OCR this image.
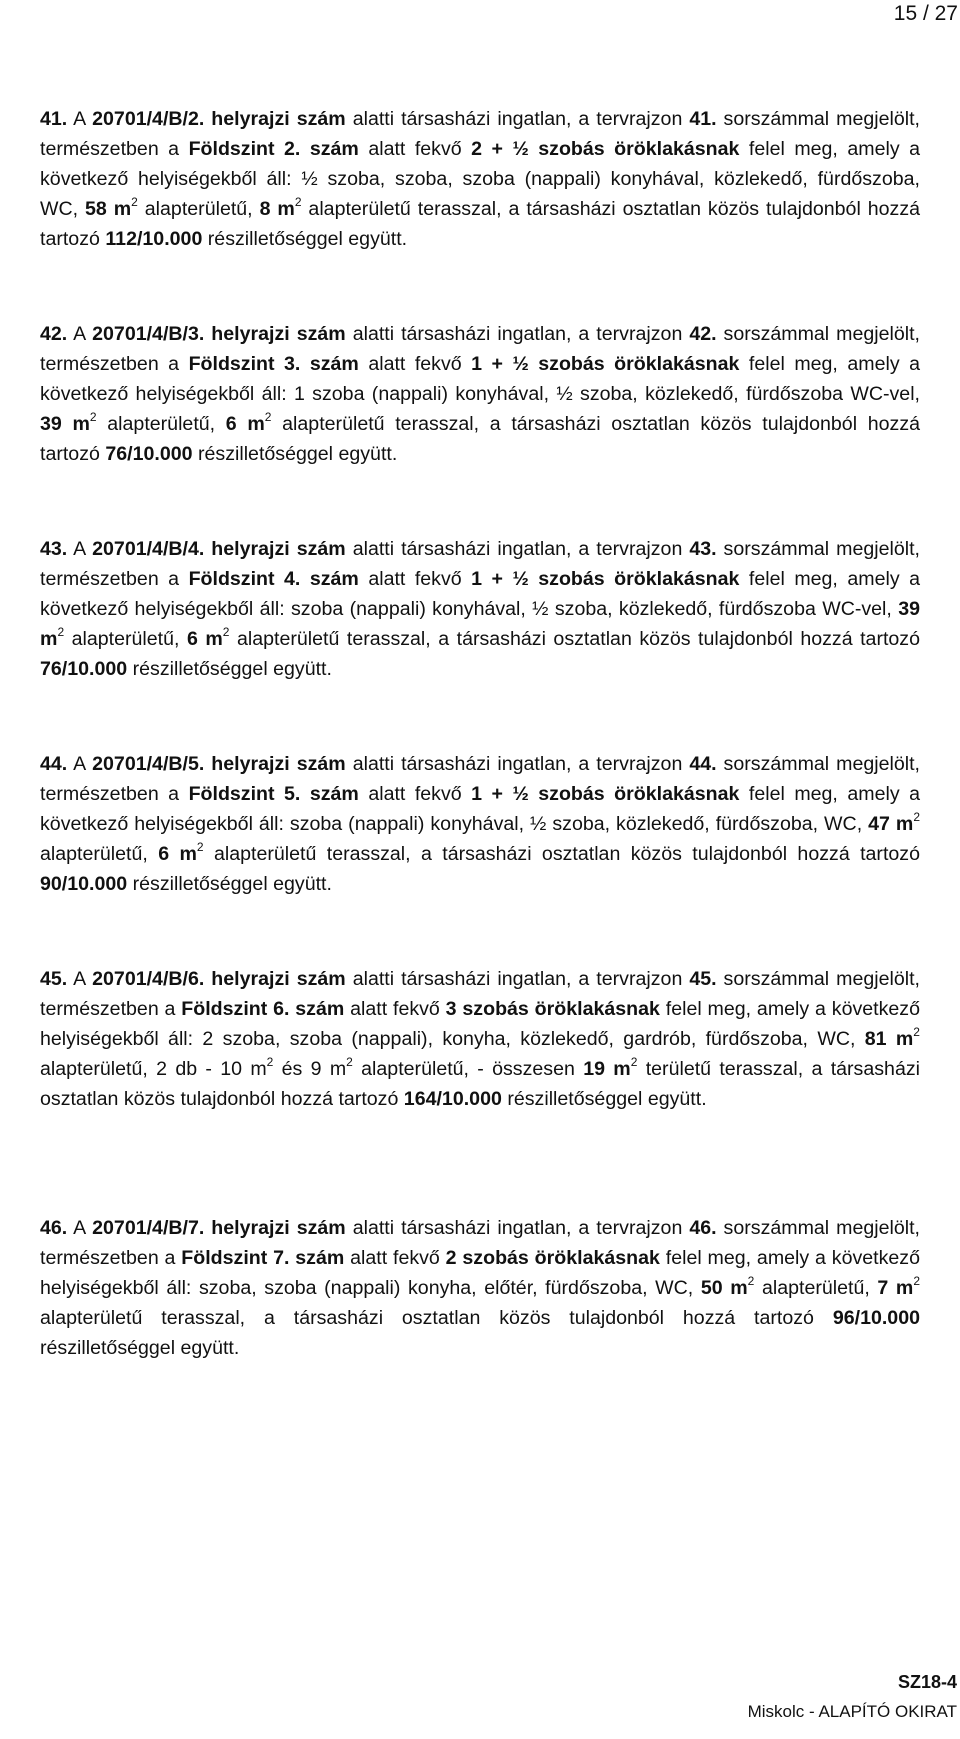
15 / 27
41. A 20701/4/B/2. helyrajzi szám alatti társasházi ingatlan, a tervrajzon 41. sorszámmal megjelölt, természetben a Földszint 2. szám alatt fekvő 2 + ½ szobás öröklakásnak felel meg, amely a következő helyiségekből áll: ½ szoba, szoba, szoba (nappali) konyhával, közlekedő, fürdőszoba, WC, 58 $m^2$ alapterületű, 8 $m^2$ alapterületű terasszal, a társasházi osztatlan közös tulajdonból hozzá tartozó 112/10.000 részilletőséggel együtt.
42. A 20701/4/B/3. helyrajzi szám alatti társasházi ingatlan, a tervrajzon 42. sorszámmal megjelölt, természetben a Földszint 3. szám alatt fekvő 1 + ½ szobás öröklakásnak felel meg, amely a következő helyiségekből áll: 1 szoba (nappali) konyhával, ½ szoba, közlekedő, fürdőszoba WC-vel, 39 $m^2$ alapterületű, 6 $m^2$ alapterületű terasszal, a társasházi osztatlan közös tulajdonból hozzá tartozó 76/10.000 részilletőséggel együtt.
43. A 20701/4/B/4. helyrajzi szám alatti társasházi ingatlan, a tervrajzon 43. sorszámmal megjelölt, természetben a Földszint 4. szám alatt fekvő 1 + ½ szobás öröklakásnak felel meg, amely a következő helyiségekből áll: szoba (nappali) konyhával, ½ szoba, közlekedő, fürdőszoba WC-vel, 39 $m^2$ alapterületű, 6 $m^2$ alapterületű terasszal, a társasházi osztatlan közös tulajdonból hozzá tartozó 76/10.000 részilletőséggel együtt.
44. A 20701/4/B/5. helyrajzi szám alatti társasházi ingatlan, a tervrajzon 44. sorszámmal megjelölt, természetben a Földszint 5. szám alatt fekvő 1 + ½ szobás öröklakásnak felel meg, amely a következő helyiségekből áll: szoba (nappali) konyhával, ½ szoba, közlekedő, fürdőszoba, WC, 47 $m^2$ alapterületű, 6 $m^2$ alapterületű terasszal, a társasházi osztatlan közös tulajdonból hozzá tartozó 90/10.000 részilletőséggel együtt.
45. A 20701/4/B/6. helyrajzi szám alatti társasházi ingatlan, a tervrajzon 45. sorszámmal megjelölt, természetben a Földszint 6. szám alatt fekvő 3 szobás öröklakásnak felel meg, amely a következő helyiségekből áll: 2 szoba, szoba (nappali), konyha, közlekedő, gardrób, fürdőszoba, WC, 81 $m^2$ alapterületű, 2 db - 10 $m^2$ és 9 $m^2$ alapterületű, - összesen 19 $m^2$ területű terasszal, a társasházi osztatlan közös tulajdonból hozzá tartozó 164/10.000 részilletőséggel együtt.
46. A 20701/4/B/7. helyrajzi szám alatti társasházi ingatlan, a tervrajzon 46. sorszámmal megjelölt, természetben a Földszint 7. szám alatt fekvő 2 szobás öröklakásnak felel meg, amely a következő helyiségekből áll: szoba, szoba (nappali) konyha, előtér, fürdőszoba, WC, 50 $m^2$ alapterületű, 7 $m^2$ alapterületű terasszal, a társasházi osztatlan közös tulajdonból hozzá tartozó 96/10.000 részilletőséggel együtt.
SZ18-4
Miskolc - ALAPÍTÓ OKIRAT
